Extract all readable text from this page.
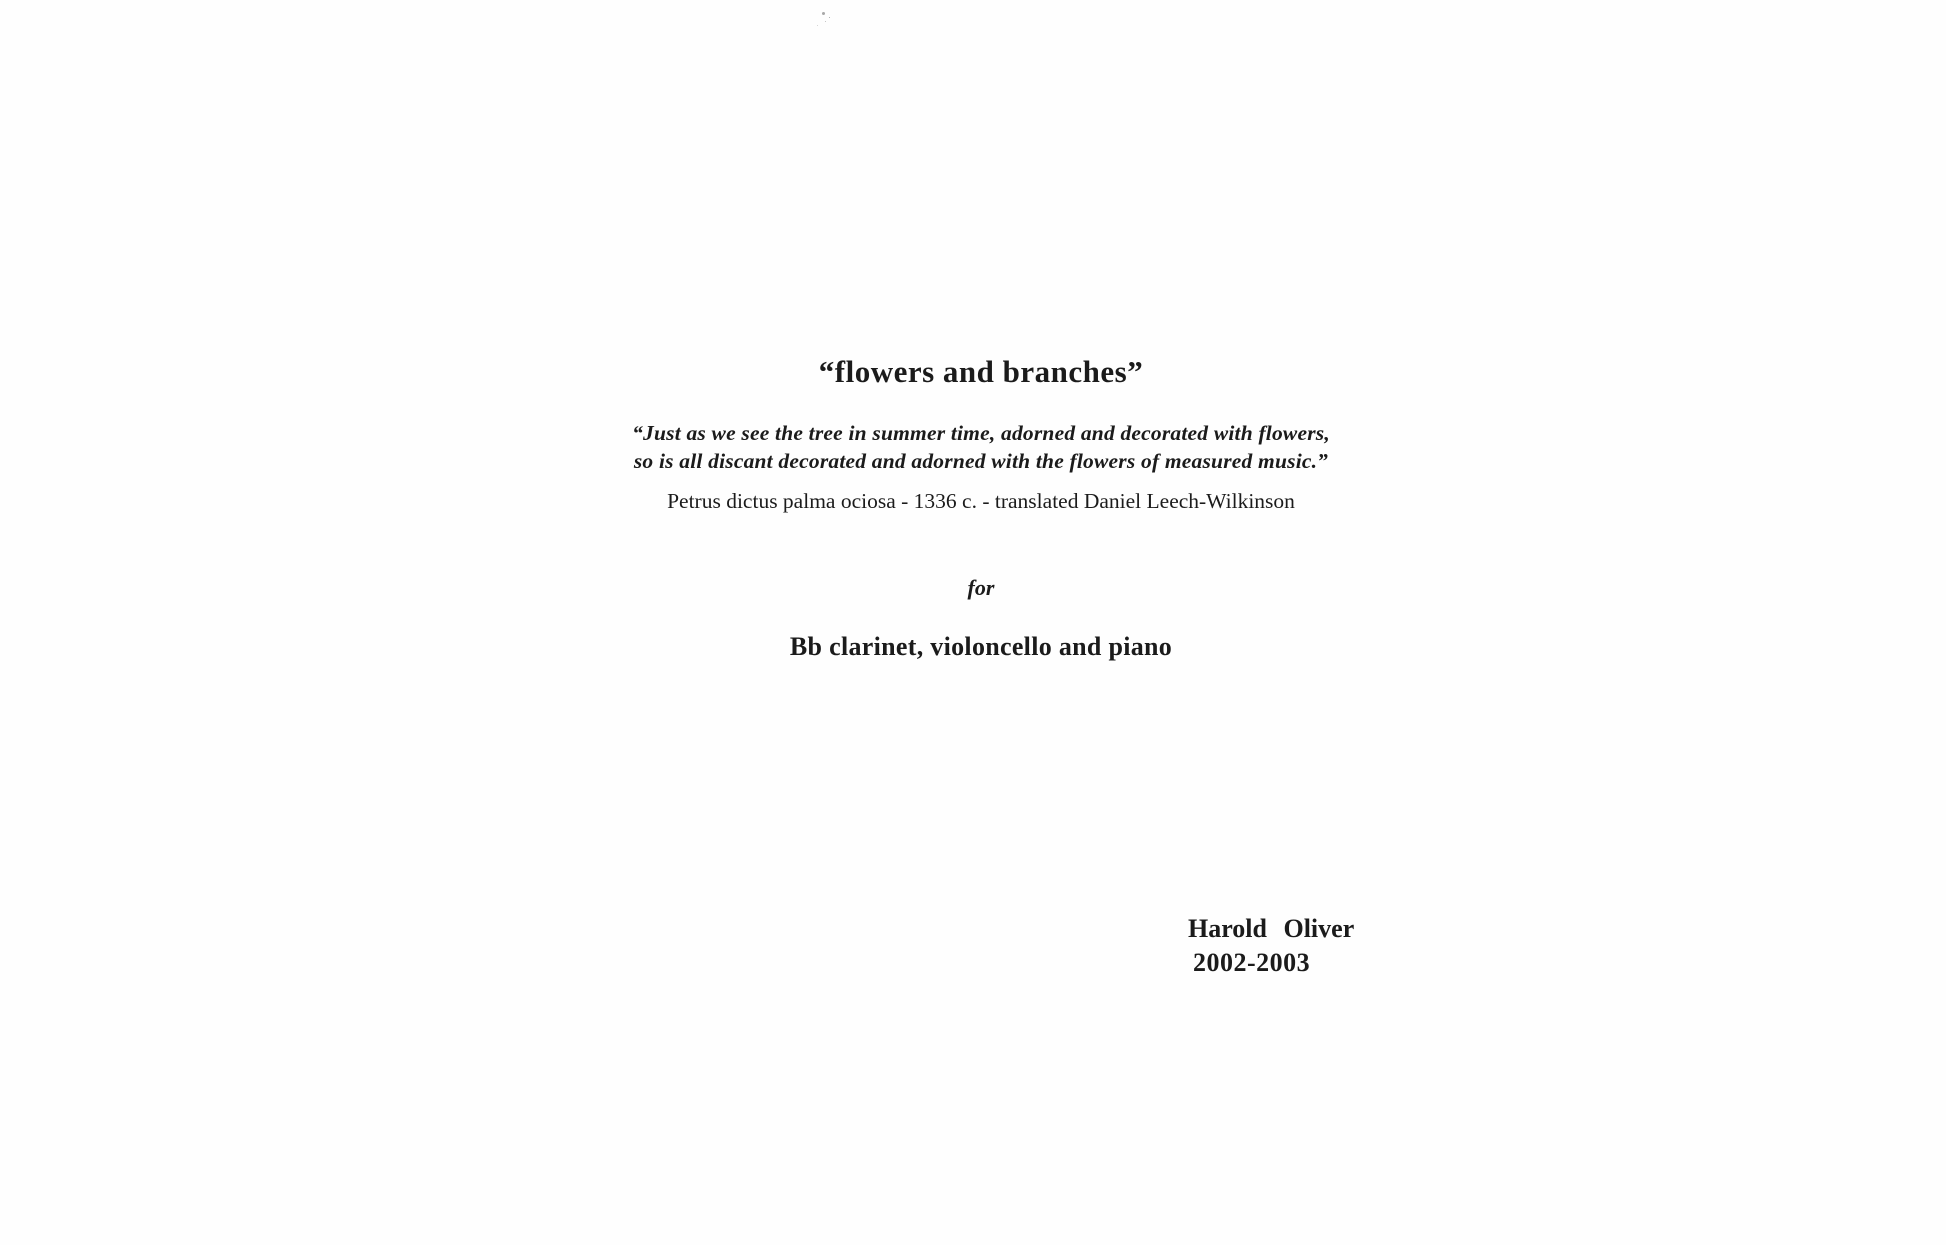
“flowers and branches”
“Just as we see the tree in summer time, adorned and decorated with flowers,
so is all discant decorated and adorned with the flowers of measured music.”
Petrus dictus palma ociosa - 1336 c. - translated Daniel Leech-Wilkinson
for
Bb clarinet, violoncello and piano
Harold Oliver
2002-2003
